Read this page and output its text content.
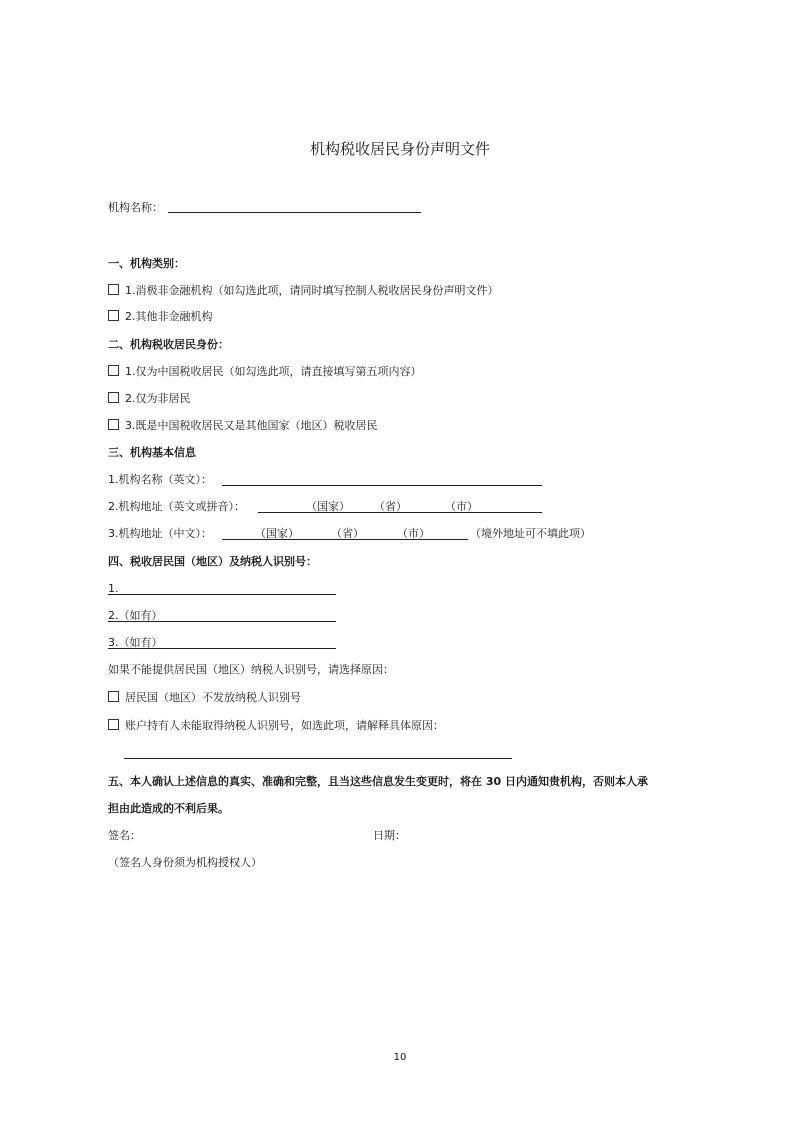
机构税收居民身份声明文件
机构名称：
一、机构类别：
1.消极非金融机构（如勾选此项，请同时填写控制人税收居民身份声明文件）
2.其他非金融机构
二、机构税收居民身份：
1.仅为中国税收居民（如勾选此项，请直接填写第五项内容）
2.仅为非居民
3.既是中国税收居民又是其他国家（地区）税收居民
三、机构基本信息
1.机构名称（英文）：
2.机构地址（英文或拼音）：	（国家） （省）	（市）
3.机构地址（中文）：	（国家）	（省）	（市）	（境外地址可不填此项）
四、税收居民国（地区）及纳税人识别号：
1.
2.（如有）
3.（如有）
如果不能提供居民国（地区）纳税人识别号，请选择原因：
居民国（地区）不发放纳税人识别号
账户持有人未能取得纳税人识别号，如选此项，请解释具体原因：
五、本人确认上述信息的真实、准确和完整，且当这些信息发生变更时，将在 30 日内通知贵机构，否则本人承
担由此造成的不利后果。
签名：	日期：
（签名人身份须为机构授权人）
10
